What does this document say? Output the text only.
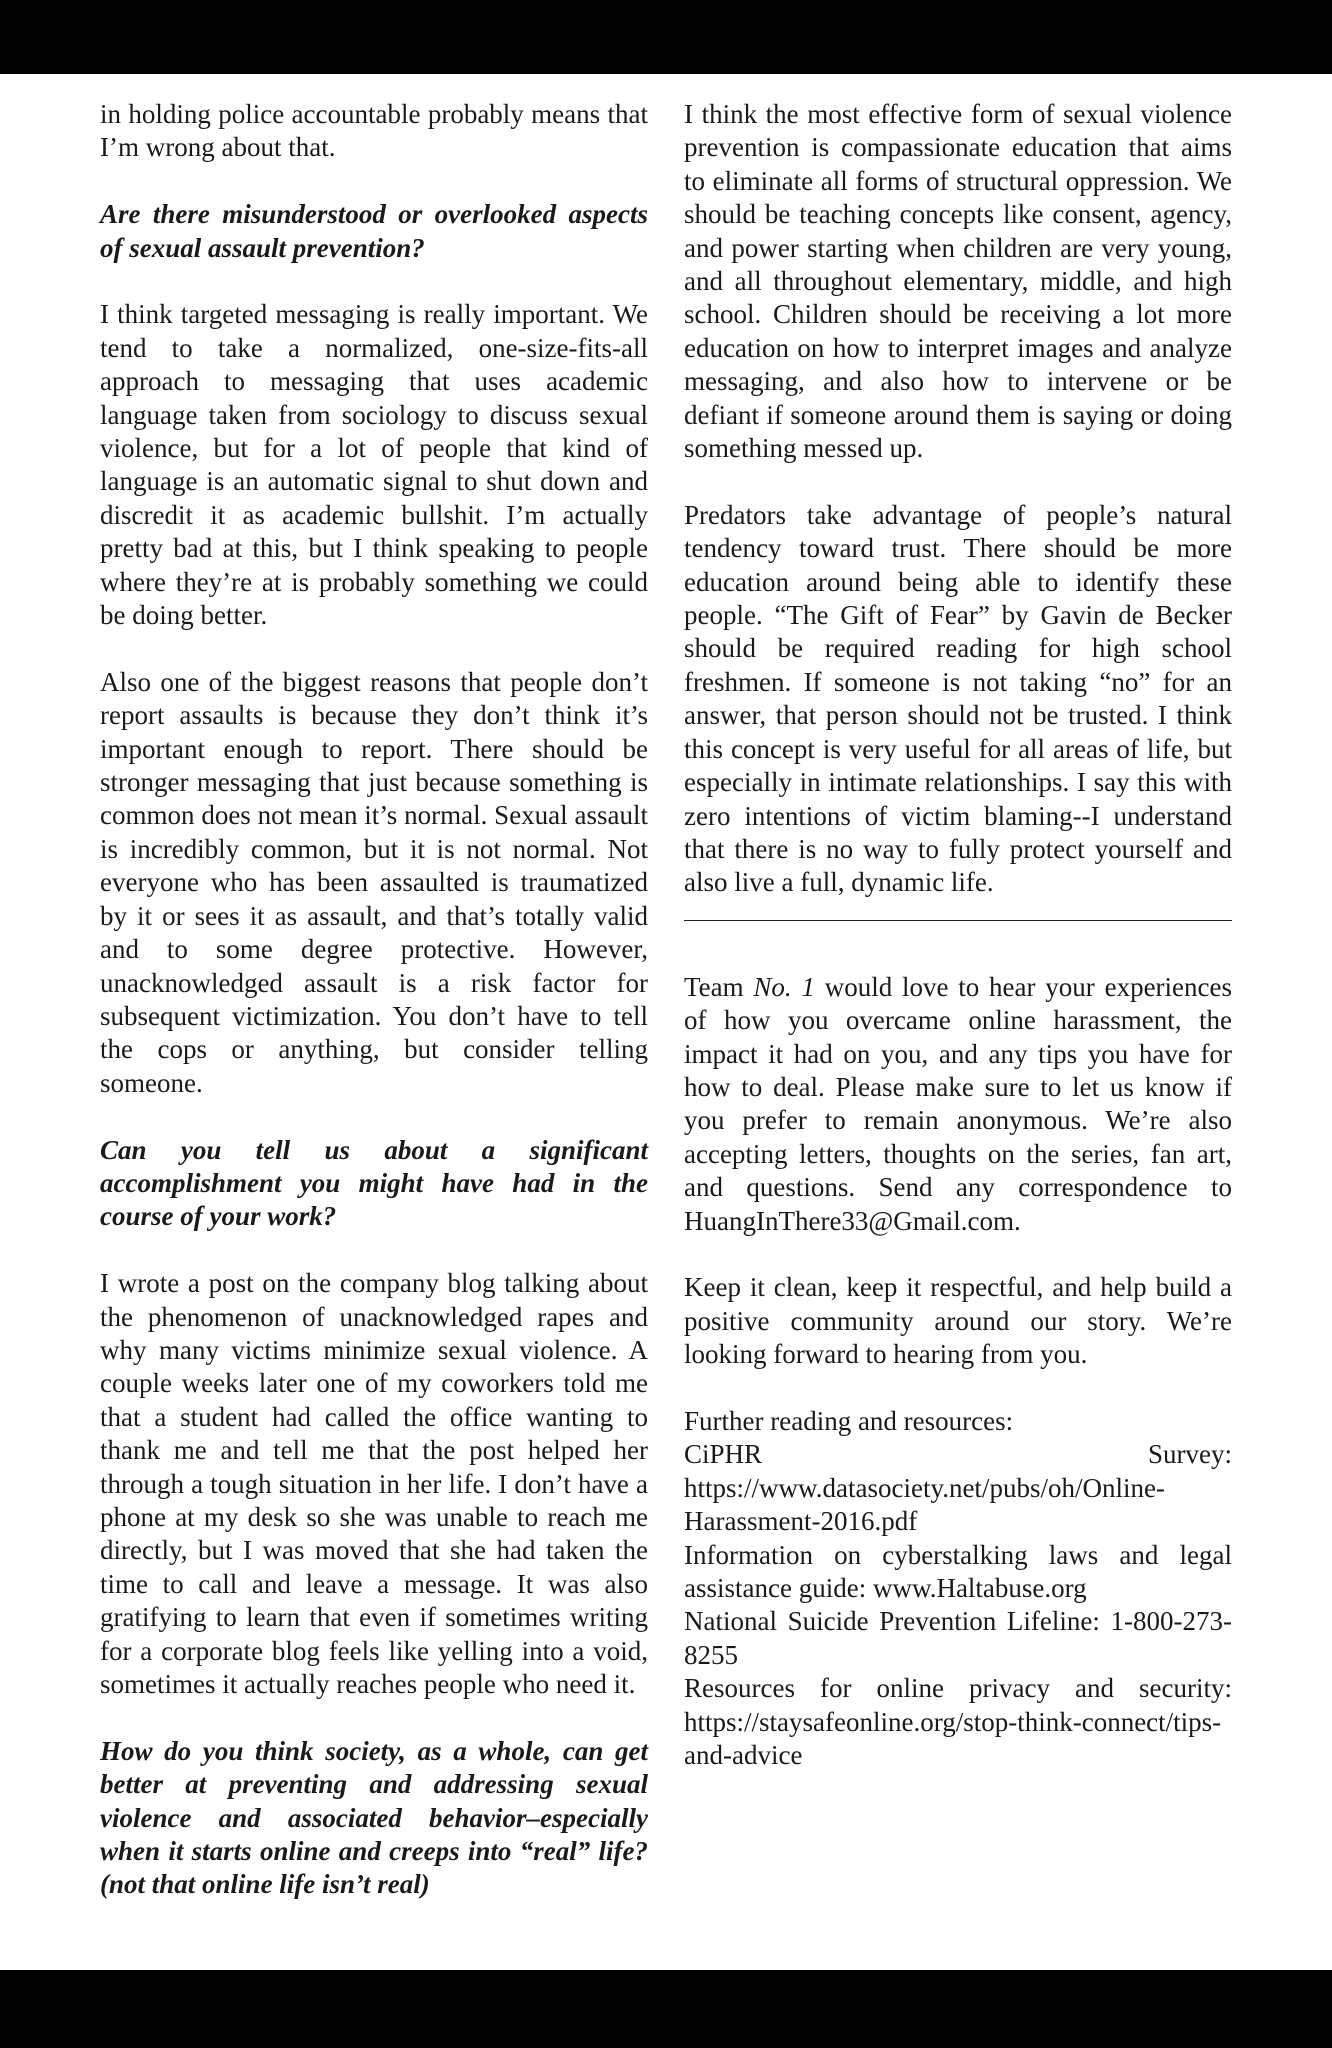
in holding police accountable probably means that I’m wrong about that.

Are there misunderstood or overlooked aspects of sexual assault prevention?

I think targeted messaging is really important. We tend to take a normalized, one-size-fits-all approach to messaging that uses academic language taken from sociology to discuss sexual violence, but for a lot of people that kind of language is an automatic signal to shut down and discredit it as academic bullshit. I’m actually pretty bad at this, but I think speaking to people where they’re at is probably something we could be doing better.

Also one of the biggest reasons that people don’t report assaults is because they don’t think it’s important enough to report. There should be stronger messaging that just because something is common does not mean it’s normal. Sexual assault is incredibly common, but it is not normal. Not everyone who has been assaulted is traumatized by it or sees it as assault, and that’s totally valid and to some degree protective. However, unacknowledged assault is a risk factor for subsequent victimization. You don’t have to tell the cops or anything, but consider telling someone.

Can you tell us about a significant accomplishment you might have had in the course of your work?

I wrote a post on the company blog talking about the phenomenon of unacknowledged rapes and why many victims minimize sexual violence. A couple weeks later one of my coworkers told me that a student had called the office wanting to thank me and tell me that the post helped her through a tough situation in her life. I don’t have a phone at my desk so she was unable to reach me directly, but I was moved that she had taken the time to call and leave a message. It was also gratifying to learn that even if sometimes writing for a corporate blog feels like yelling into a void, sometimes it actually reaches people who need it.

How do you think society, as a whole, can get better at preventing and addressing sexual violence and associated behavior–especially when it starts online and creeps into “real” life? (not that online life isn’t real)

I think the most effective form of sexual violence prevention is compassionate education that aims to eliminate all forms of structural oppression. We should be teaching concepts like consent, agency, and power starting when children are very young, and all throughout elementary, middle, and high school. Children should be receiving a lot more education on how to interpret images and analyze messaging, and also how to intervene or be defiant if someone around them is saying or doing something messed up.

Predators take advantage of people’s natural tendency toward trust. There should be more education around being able to identify these people. “The Gift of Fear” by Gavin de Becker should be required reading for high school freshmen. If someone is not taking “no” for an answer, that person should not be trusted. I think this concept is very useful for all areas of life, but especially in intimate relationships. I say this with zero intentions of victim blaming--I understand that there is no way to fully protect yourself and also live a full, dynamic life.

Team No. 1 would love to hear your experiences of how you overcame online harassment, the impact it had on you, and any tips you have for how to deal. Please make sure to let us know if you prefer to remain anonymous. We’re also accepting letters, thoughts on the series, fan art, and questions. Send any correspondence to HuangInThere33@Gmail.com.

Keep it clean, keep it respectful, and help build a positive community around our story. We’re looking forward to hearing from you.

Further reading and resources:
CiPHR Survey: https://www.datasociety.net/pubs/oh/Online-Harassment-2016.pdf
Information on cyberstalking laws and legal assistance guide: www.Haltabuse.org
National Suicide Prevention Lifeline: 1-800-273-8255
Resources for online privacy and security: https://staysafeonline.org/stop-think-connect/tips-and-advice
